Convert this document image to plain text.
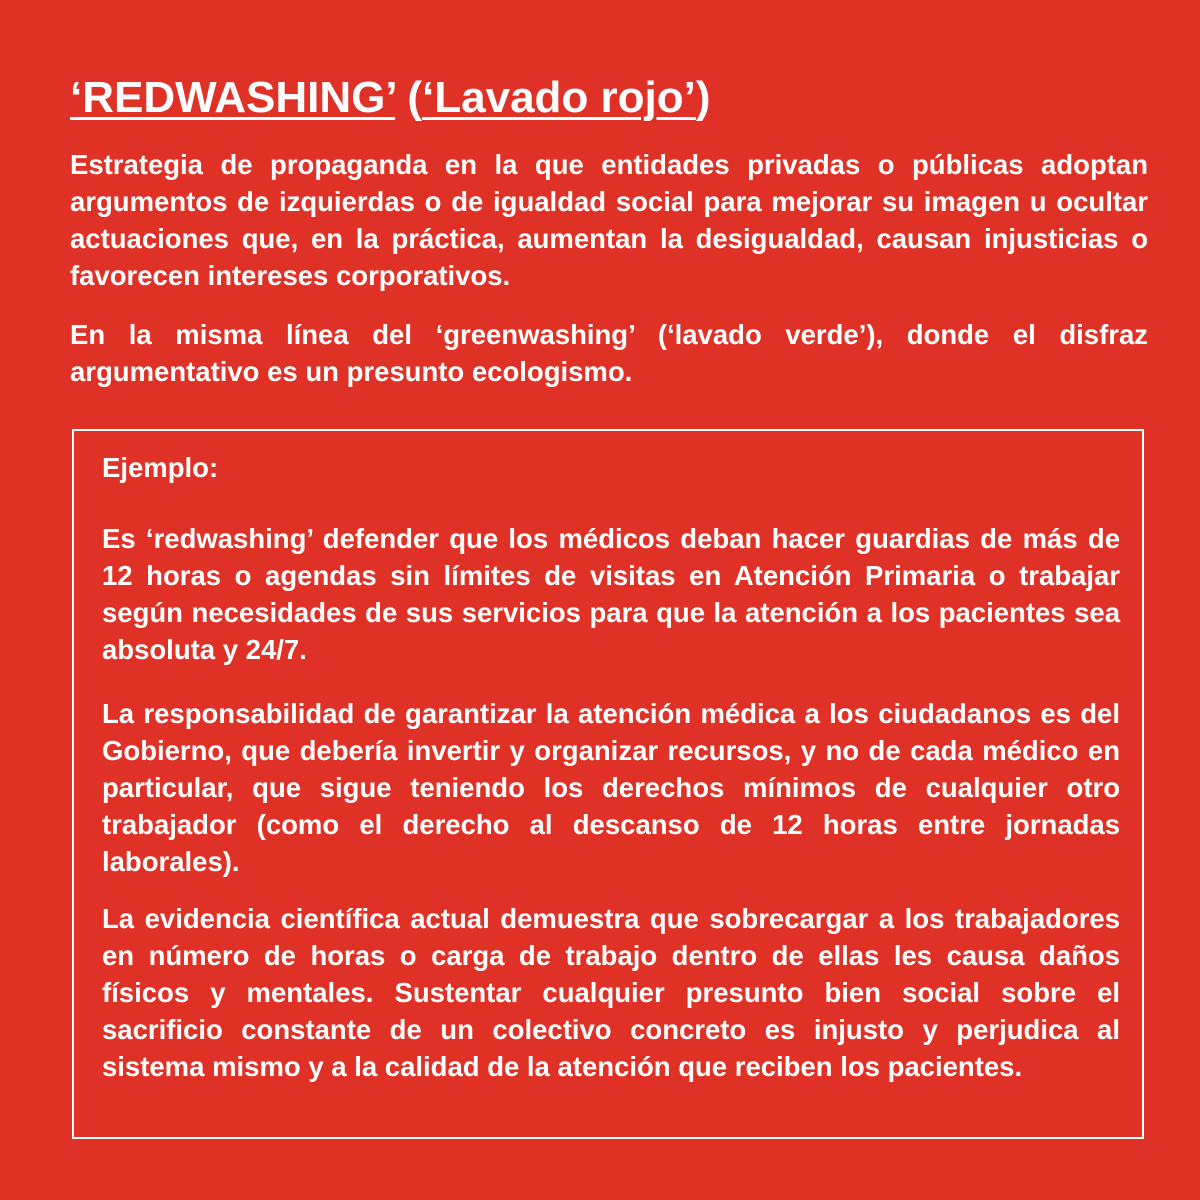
‘REDWASHING’ (‘Lavado rojo’)

Estrategia de propaganda en la que entidades privadas o públicas adoptan argumentos de izquierdas o de igualdad social para mejorar su imagen u ocultar actuaciones que, en la práctica, aumentan la desigualdad, causan injusticias o favorecen intereses corporativos.

En la misma línea del ‘greenwashing’ (‘lavado verde’), donde el disfraz argumentativo es un presunto ecologismo.

Ejemplo:

Es ‘redwashing’ defender que los médicos deban hacer guardias de más de 12 horas o agendas sin límites de visitas en Atención Primaria o trabajar según necesidades de sus servicios para que la atención a los pacientes sea absoluta y 24/7.

La responsabilidad de garantizar la atención médica a los ciudadanos es del Gobierno, que debería invertir y organizar recursos, y no de cada médico en particular, que sigue teniendo los derechos mínimos de cualquier otro trabajador (como el derecho al descanso de 12 horas entre jornadas laborales).

La evidencia científica actual demuestra que sobrecargar a los trabajadores en número de horas o carga de trabajo dentro de ellas les causa daños físicos y mentales. Sustentar cualquier presunto bien social sobre el sacrificio constante de un colectivo concreto es injusto y perjudica al sistema mismo y a la calidad de la atención que reciben los pacientes.
